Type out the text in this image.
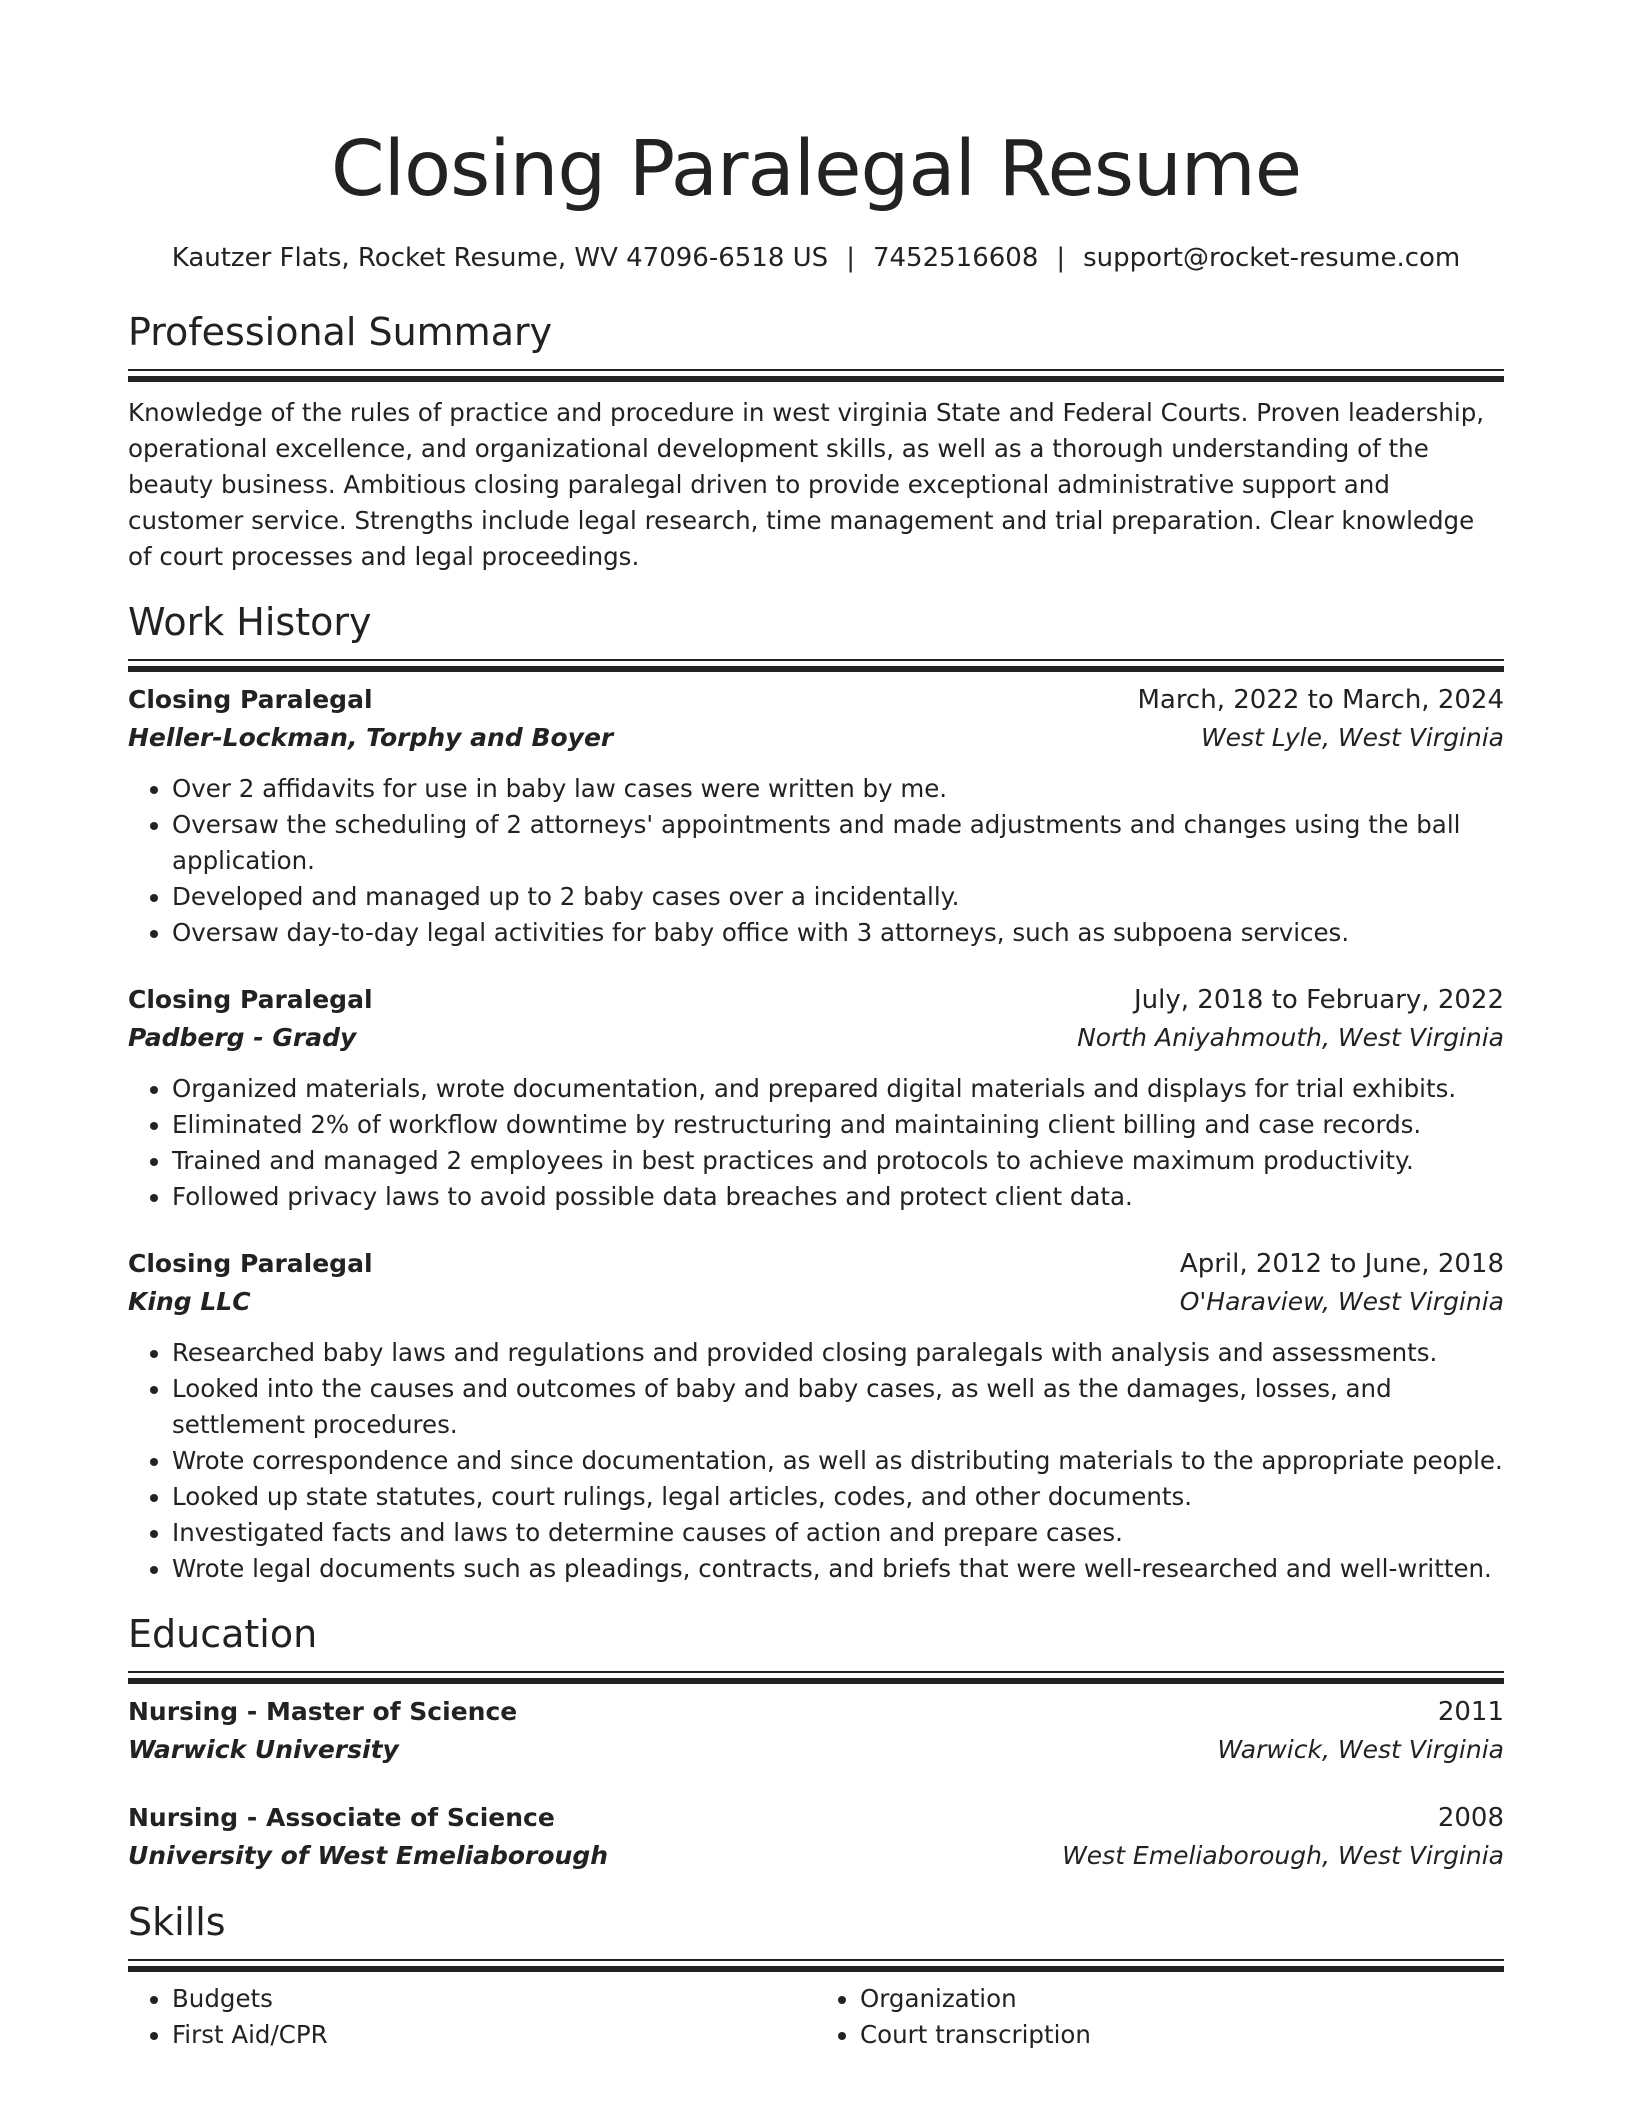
Closing Paralegal Resume
Kautzer Flats, Rocket Resume, WV 47096-6518 US | 7452516608 | support@rocket-resume.com
Professional Summary
Knowledge of the rules of practice and procedure in west virginia State and Federal Courts. Proven leadership, operational excellence, and organizational development skills, as well as a thorough understanding of the beauty business. Ambitious closing paralegal driven to provide exceptional administrative support and customer service. Strengths include legal research, time management and trial preparation. Clear knowledge of court processes and legal proceedings.
Work History
Closing Paralegal	March, 2022 to March, 2024
Heller-Lockman, Torphy and Boyer	West Lyle, West Virginia
• Over 2 affidavits for use in baby law cases were written by me.
• Oversaw the scheduling of 2 attorneys' appointments and made adjustments and changes using the ball application.
• Developed and managed up to 2 baby cases over a incidentally.
• Oversaw day-to-day legal activities for baby office with 3 attorneys, such as subpoena services.
Closing Paralegal	July, 2018 to February, 2022
Padberg - Grady	North Aniyahmouth, West Virginia
• Organized materials, wrote documentation, and prepared digital materials and displays for trial exhibits.
• Eliminated 2% of workflow downtime by restructuring and maintaining client billing and case records.
• Trained and managed 2 employees in best practices and protocols to achieve maximum productivity.
• Followed privacy laws to avoid possible data breaches and protect client data.
Closing Paralegal	April, 2012 to June, 2018
King LLC	O'Haraview, West Virginia
• Researched baby laws and regulations and provided closing paralegals with analysis and assessments.
• Looked into the causes and outcomes of baby and baby cases, as well as the damages, losses, and settlement procedures.
• Wrote correspondence and since documentation, as well as distributing materials to the appropriate people.
• Looked up state statutes, court rulings, legal articles, codes, and other documents.
• Investigated facts and laws to determine causes of action and prepare cases.
• Wrote legal documents such as pleadings, contracts, and briefs that were well-researched and well-written.
Education
Nursing - Master of Science	2011
Warwick University	Warwick, West Virginia
Nursing - Associate of Science	2008
University of West Emeliaborough	West Emeliaborough, West Virginia
Skills
• Budgets
• First Aid/CPR
• Organization
• Court transcription
